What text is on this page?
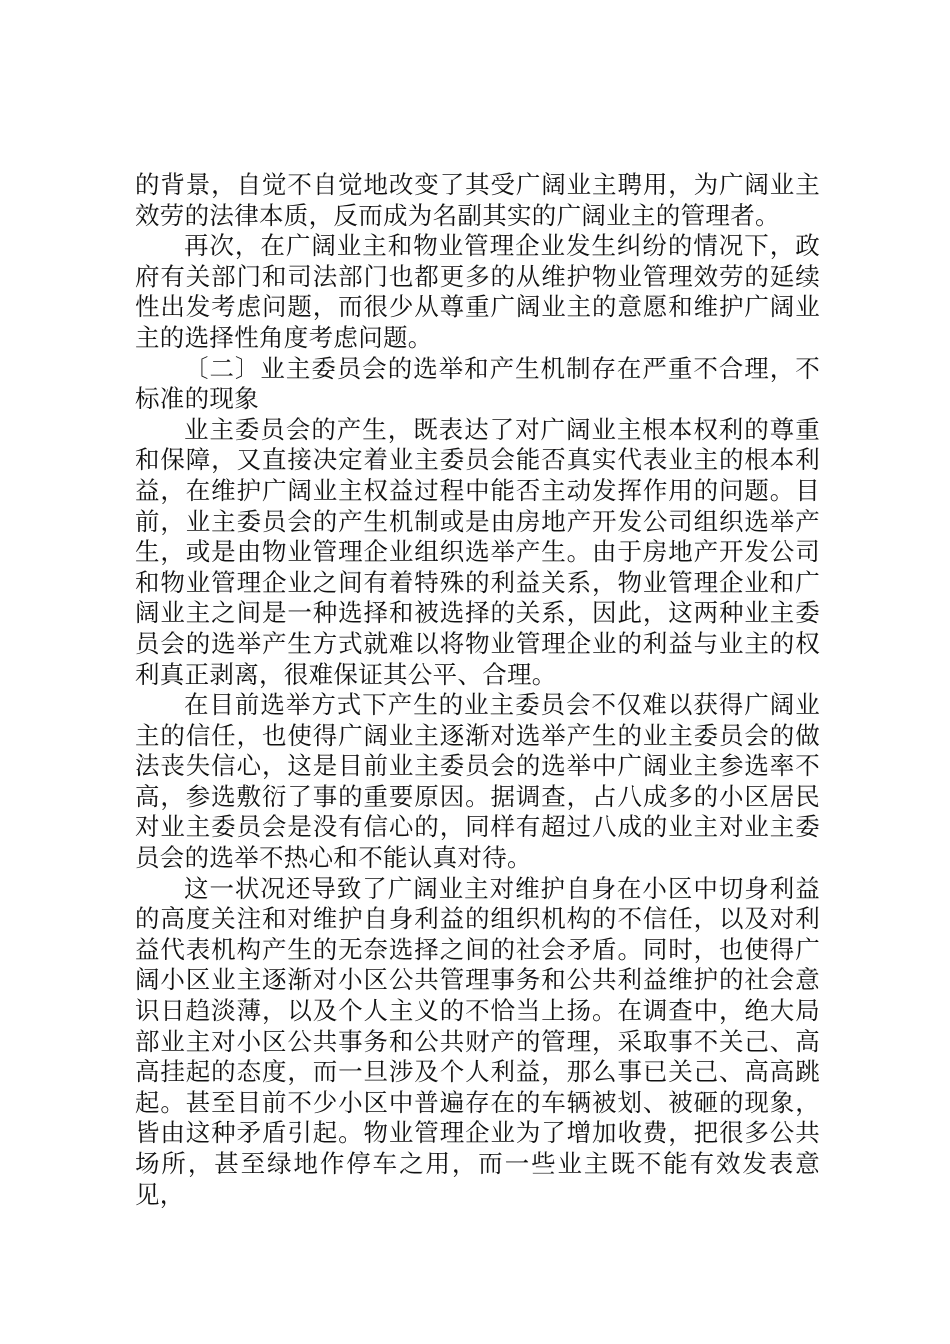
的背景，自觉不自觉地改变了其受广阔业主聘用，为广阔业主效劳的法律本质，反而成为名副其实的广阔业主的管理者。

再次，在广阔业主和物业管理企业发生纠纷的情况下，政府有关部门和司法部门也都更多的从维护物业管理效劳的延续性出发考虑问题，而很少从尊重广阔业主的意愿和维护广阔业主的选择性角度考虑问题。

〔二〕业主委员会的选举和产生机制存在严重不合理，不标准的现象

业主委员会的产生，既表达了对广阔业主根本权利的尊重和保障，又直接决定着业主委员会能否真实代表业主的根本利益，在维护广阔业主权益过程中能否主动发挥作用的问题。目前，业主委员会的产生机制或是由房地产开发公司组织选举产生，或是由物业管理企业组织选举产生。由于房地产开发公司和物业管理企业之间有着特殊的利益关系，物业管理企业和广阔业主之间是一种选择和被选择的关系，因此，这两种业主委员会的选举产生方式就难以将物业管理企业的利益与业主的权利真正剥离，很难保证其公平、合理。

在目前选举方式下产生的业主委员会不仅难以获得广阔业主的信任，也使得广阔业主逐渐对选举产生的业主委员会的做法丧失信心，这是目前业主委员会的选举中广阔业主参选率不高，参选敷衍了事的重要原因。据调查，占八成多的小区居民对业主委员会是没有信心的，同样有超过八成的业主对业主委员会的选举不热心和不能认真对待。

这一状况还导致了广阔业主对维护自身在小区中切身利益的高度关注和对维护自身利益的组织机构的不信任，以及对利益代表机构产生的无奈选择之间的社会矛盾。同时，也使得广阔小区业主逐渐对小区公共管理事务和公共利益维护的社会意识日趋淡薄，以及个人主义的不恰当上扬。在调查中，绝大局部业主对小区公共事务和公共财产的管理，采取事不关己、高高挂起的态度，而一旦涉及个人利益，那么事已关己、高高跳起。甚至目前不少小区中普遍存在的车辆被划、被砸的现象，皆由这种矛盾引起。物业管理企业为了增加收费，把很多公共场所，甚至绿地作停车之用，而一些业主既不能有效发表意见，
